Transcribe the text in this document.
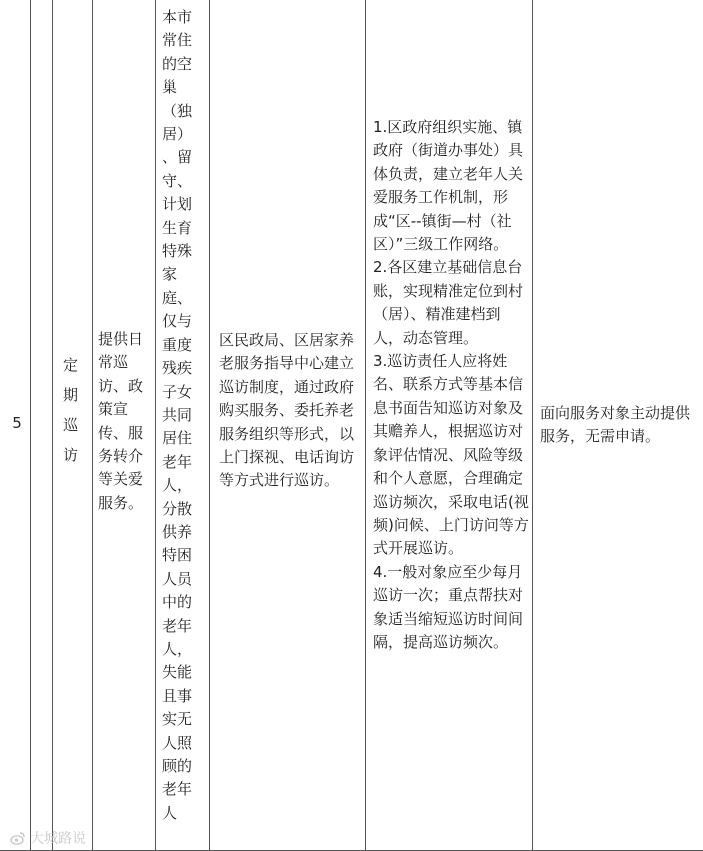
5
定期巡访
提供日常巡访、政策宣传、服务转介等关爱服务。
本市
常住
的空
巢
（独
居）
、留
守、
计划
生育
特殊
家
庭、
仅与
重度
残疾
子女
共同
居住
老年
人，
分散
供养
特困
人员
中的
老年
人，
失能
且事
实无
人照
顾的
老年
人
区民政局、区居家养老服务指导中心建立巡访制度，通过政府购买服务、委托养老服务组织等形式，以上门探视、电话询访等方式进行巡访。
1.区政府组织实施、镇政府（街道办事处）具体负责，建立老年人关爱服务工作机制，形成“区--镇街—村（社区）”三级工作网络。
2.各区建立基础信息台账，实现精准定位到村（居）、精准建档到人，动态管理。
3.巡访责任人应将姓名、联系方式等基本信息书面告知巡访对象及其赡养人，根据巡访对象评估情况、风险等级和个人意愿，合理确定巡访频次，采取电话(视频)问候、上门访问等方式开展巡访。
4.一般对象应至少每月巡访一次；重点帮扶对象适当缩短巡访时间间隔，提高巡访频次。
面向服务对象主动提供服务，无需申请。
大城路说
